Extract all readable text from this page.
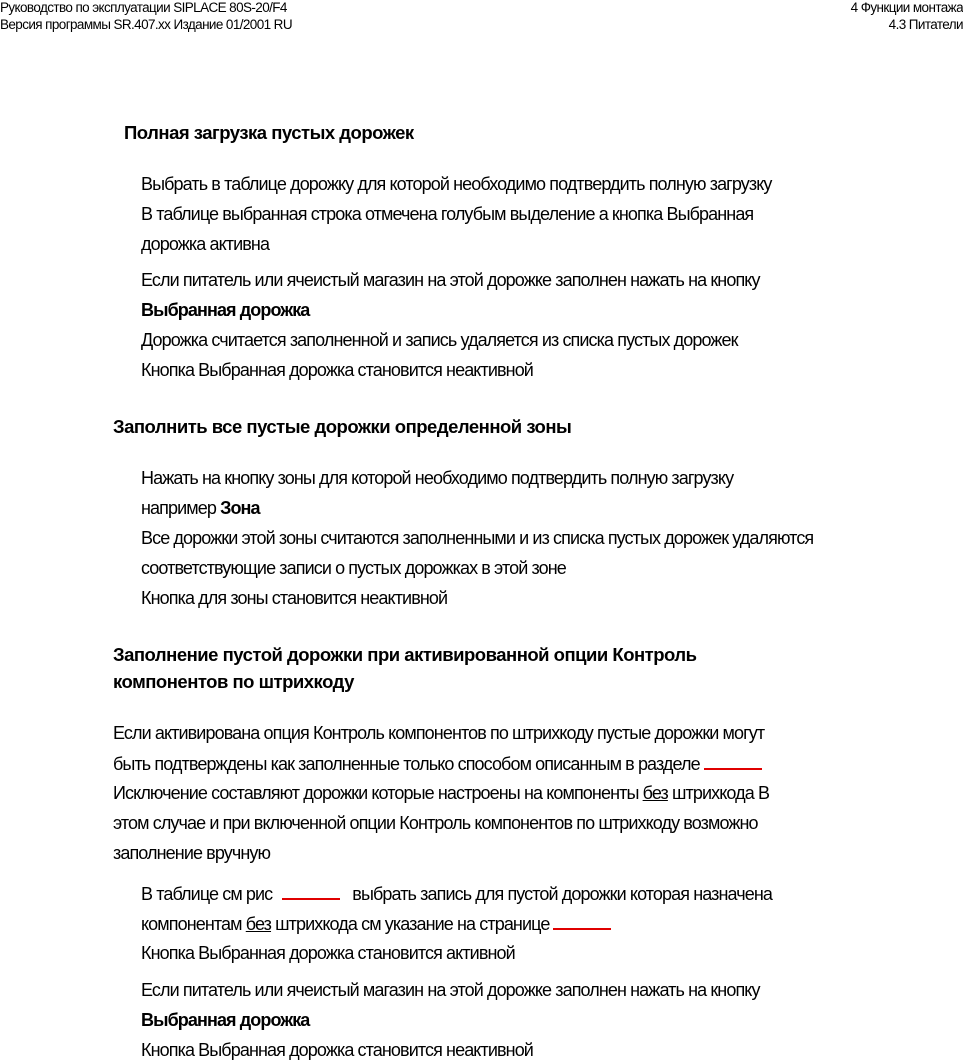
Руководство по эксплуатации SIPLACE 80S-20/F4
Версия программы SR.407.xx Издание 01/2001 RU
4 Функции монтажа
4.3 Питатели
Полная загрузка пустых дорожек
Выбрать в таблице дорожку для которой необходимо подтвердить полную загрузку
В таблице выбранная строка отмечена голубым выделение а кнопка Выбранная
дорожка активна
Если питатель или ячеистый магазин на этой дорожке заполнен нажать на кнопку
Выбранная дорожка
Дорожка считается заполненной и запись удаляется из списка пустых дорожек
Кнопка Выбранная дорожка становится неактивной
Заполнить все пустые дорожки определенной зоны
Нажать на кнопку зоны для которой необходимо подтвердить полную загрузку
например Зона
Все дорожки этой зоны считаются заполненными и из списка пустых дорожек удаляются
соответствующие записи о пустых дорожках в этой зоне
Кнопка для зоны становится неактивной
Заполнение пустой дорожки при активированной опции Контроль
компонентов по штрихкоду
Если активирована опция Контроль компонентов по штрихкоду пустые дорожки могут
быть подтверждены как заполненные только способом описанным в разделе
Исключение составляют дорожки которые настроены на компоненты без штрихкода В
этом случае и при включенной опции Контроль компонентов по штрихкоду возможно
заполнение вручную
В таблице см рис	выбрать запись для пустой дорожки которая назначена
компонентам без штрихкода см указание на странице
Кнопка Выбранная дорожка становится активной
Если питатель или ячеистый магазин на этой дорожке заполнен нажать на кнопку
Выбранная дорожка
Кнопка Выбранная дорожка становится неактивной
